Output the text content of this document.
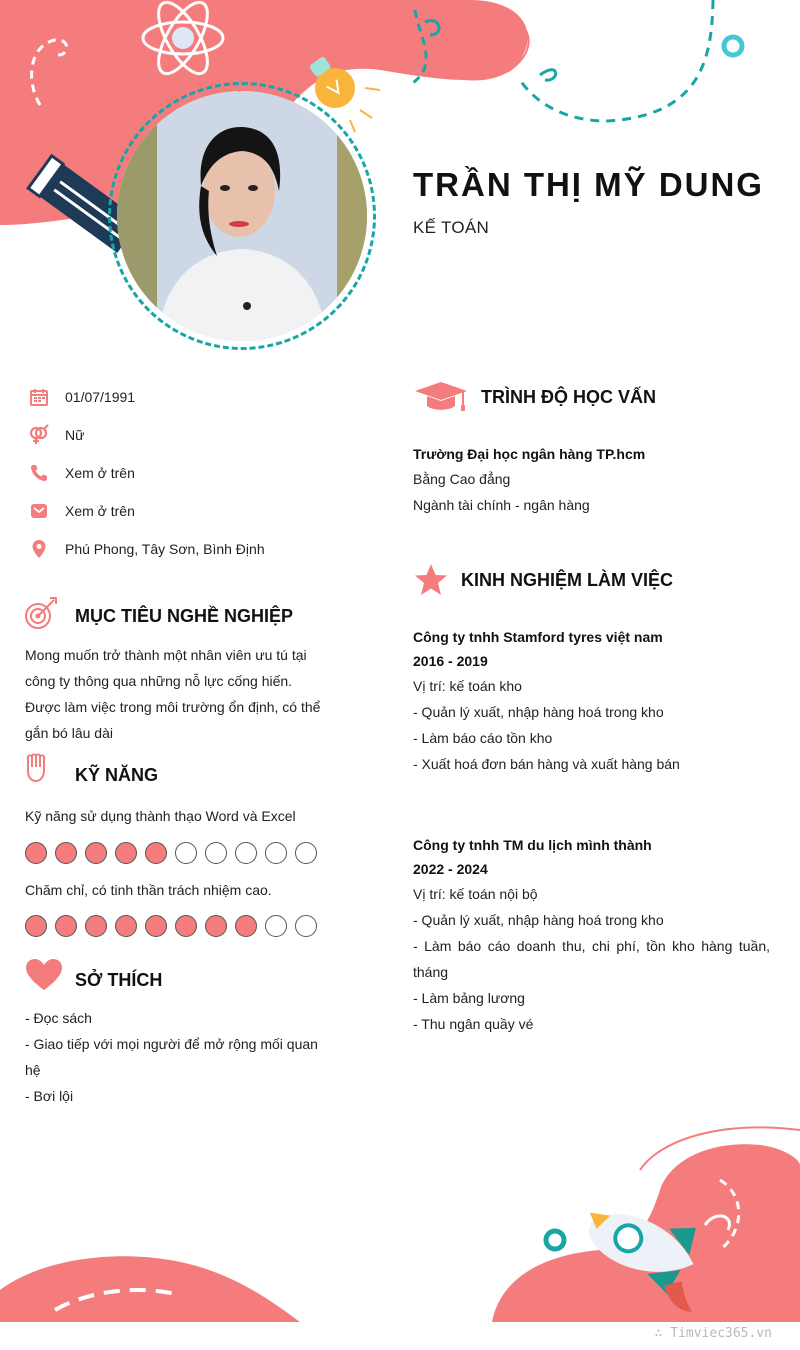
TRẦN THỊ MỸ DUNG
KẾ TOÁN
01/07/1991
Nữ
Xem ở trên
Xem ở trên
Phú Phong, Tây Sơn, Bình Định
MỤC TIÊU NGHỀ NGHIỆP
Mong muốn trở thành một nhân viên ưu tú tại
công ty thông qua những nỗ lực cống hiến.
Được làm việc trong môi trường ổn định, có thể
gắn bó lâu dài
KỸ NĂNG
Kỹ năng sử dụng thành thạo Word và Excel
Chăm chỉ, có tinh thần trách nhiệm cao.
SỞ THÍCH
- Đọc sách
- Giao tiếp với mọi người để mở rộng mối quan
hệ
- Bơi lội
TRÌNH ĐỘ HỌC VẤN
Trường Đại học ngân hàng TP.hcm
Bằng Cao đẳng
Ngành tài chính - ngân hàng
KINH NGHIỆM LÀM VIỆC
Công ty tnhh Stamford tyres việt nam
2016 - 2019
Vị trí: kế toán kho
- Quản lý xuất, nhập hàng hoá trong kho
- Làm báo cáo tồn kho
- Xuất hoá đơn bán hàng và xuất hàng bán
Công ty tnhh TM du lịch mình thành
2022 - 2024
Vị trí: kế toán nội bộ
- Quản lý xuất, nhập hàng hoá trong kho
- Làm báo cáo doanh thu, chi phí, tồn kho hàng tuần,
tháng
- Làm bảng lương
- Thu ngân quầy vé
∴ Timviec365.vn
